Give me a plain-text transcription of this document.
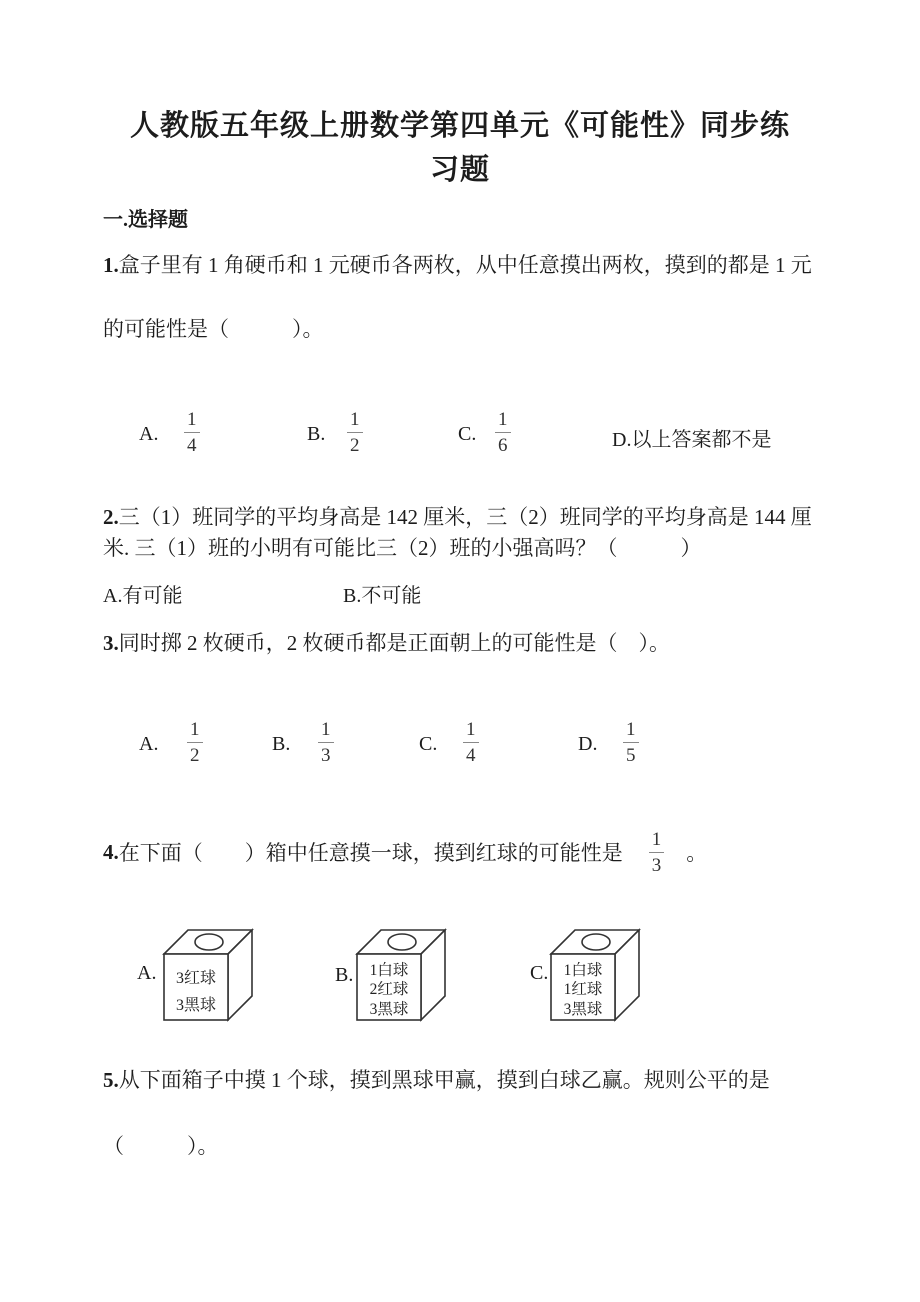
人教版五年级上册数学第四单元《可能性》同步练
习题
一.选择题
1.盒子里有 1 角硬币和 1 元硬币各两枚，从中任意摸出两枚，摸到的都是 1 元
的可能性是（　　　）。
A. $\frac{1}{4}$	B. $\frac{1}{2}$	C. $\frac{1}{6}$	D.以上答案都不是
2.三（1）班同学的平均身高是 142 厘米，三（2）班同学的平均身高是 144 厘
米. 三（1）班的小明有可能比三（2）班的小强高吗？（　　　）
A.有可能	B.不可能
3.同时掷 2 枚硬币，2 枚硬币都是正面朝上的可能性是（　）。
A. $\frac{1}{2}$	B. $\frac{1}{3}$	C. $\frac{1}{4}$	D. $\frac{1}{5}$
4. 在下面（　　）箱中任意摸一球，摸到红球的可能性是 $\frac{1}{3}$ 。
A. 3红球
3黑球
B. 1白球
2红球
3黑球
C. 1白球
1红球
3黑球
5.从下面箱子中摸 1 个球，摸到黑球甲赢，摸到白球乙赢。规则公平的是
（　　　）。
